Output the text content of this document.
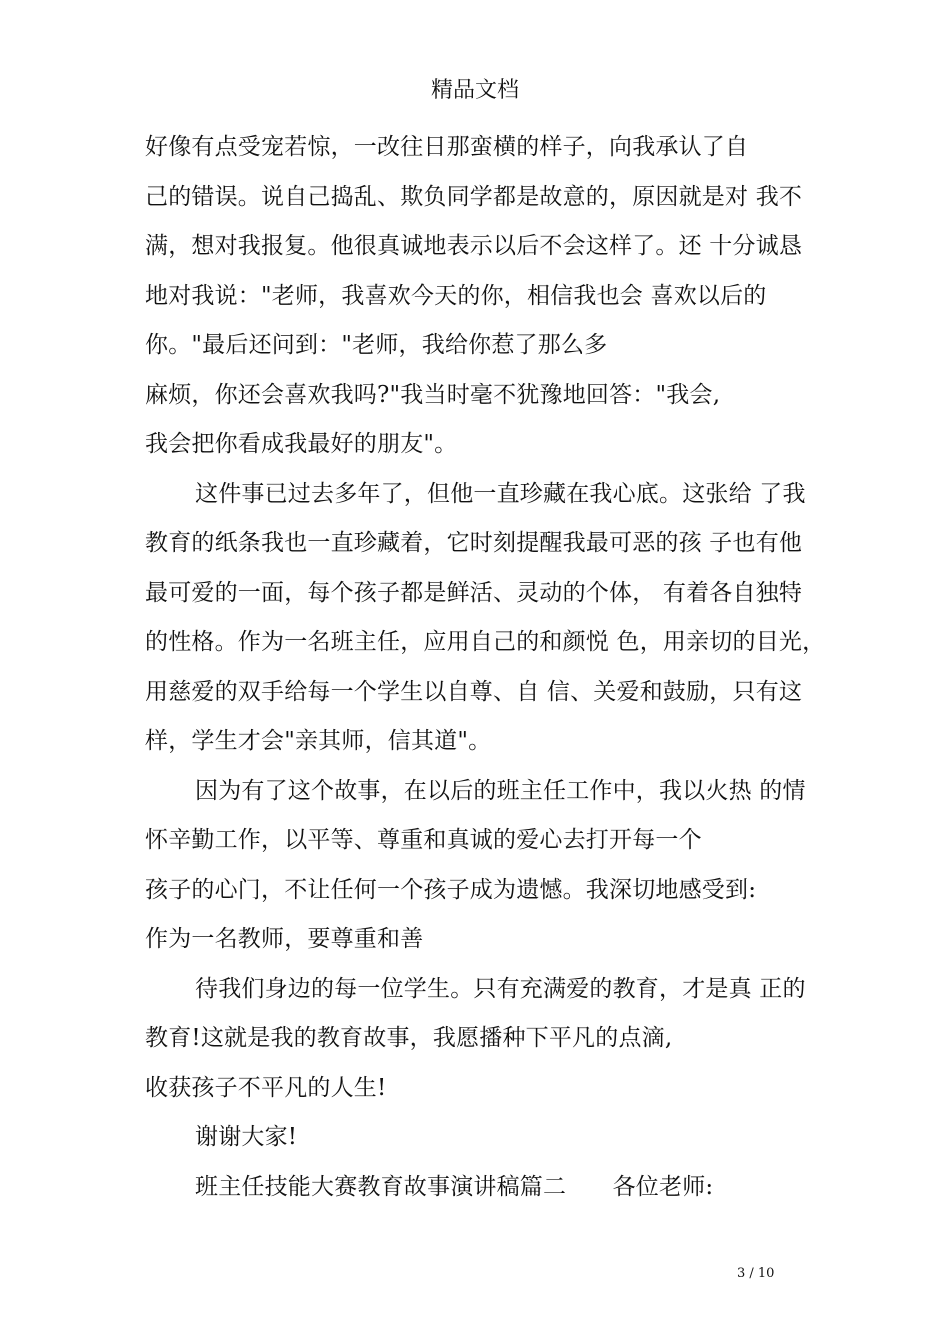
精品文档
好像有点受宠若惊，一改往日那蛮横的样子，向我承认了自
己的错误。说自己捣乱、欺负同学都是故意的，原因就是对 我不
满，想对我报复。他很真诚地表示以后不会这样了。还 十分诚恳
地对我说："老师，我喜欢今天的你，相信我也会 喜欢以后的
你。"最后还问到："老师，我给你惹了那么多
麻烦，你还会喜欢我吗?"我当时毫不犹豫地回答："我会,
我会把你看成我最好的朋友"。
这件事已过去多年了，但他一直珍藏在我心底。这张给 了我
教育的纸条我也一直珍藏着，它时刻提醒我最可恶的孩 子也有他
最可爱的一面，每个孩子都是鲜活、灵动的个体， 有着各自独特
的性格。作为一名班主任，应用自己的和颜悦 色，用亲切的目光，
用慈爱的双手给每一个学生以自尊、自 信、关爱和鼓励，只有这
样，学生才会"亲其师，信其道"。
因为有了这个故事，在以后的班主任工作中，我以火热 的情
怀辛勤工作，以平等、尊重和真诚的爱心去打开每一个
孩子的心门，不让任何一个孩子成为遗憾。我深切地感受到:
作为一名教师，要尊重和善
待我们身边的每一位学生。只有充满爱的教育，才是真 正的
教育!这就是我的教育故事，我愿播种下平凡的点滴,
收获孩子不平凡的人生!
谢谢大家!
班主任技能大赛教育故事演讲稿篇二　　各位老师:
3 / 10
